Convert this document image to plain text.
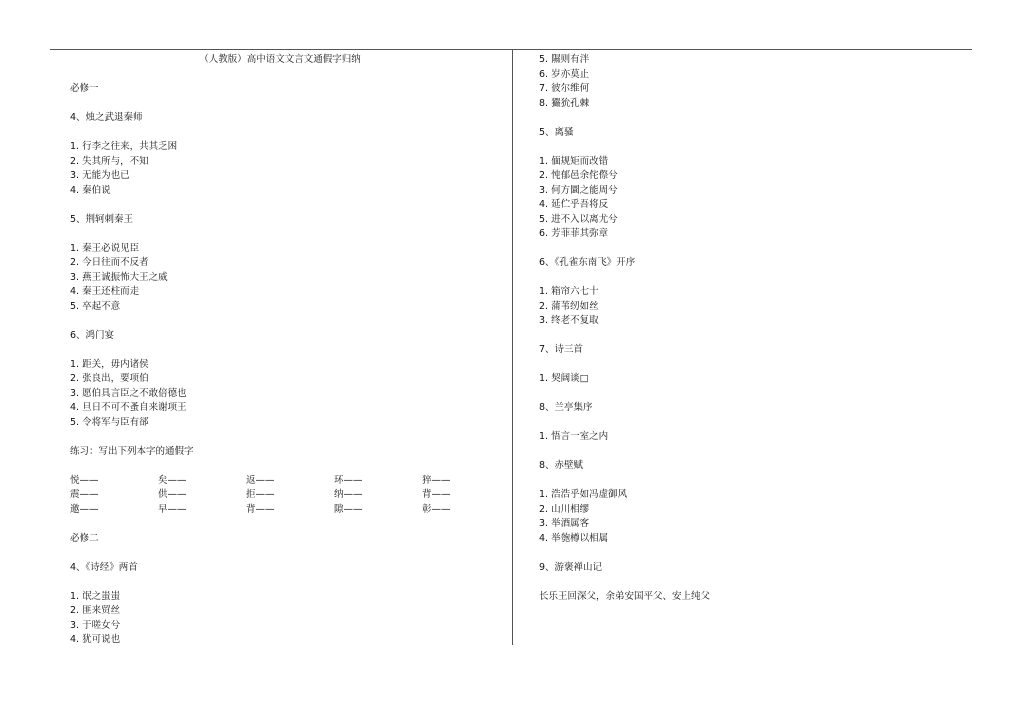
（人教版）高中语文文言文通假字归纳
必修一
4、烛之武退秦师
1. 行李之往来，共其乏困
2. 失其所与，不知
3. 无能为也已
4. 秦伯说
5、荆轲刺秦王
1. 秦王必说见臣
2. 今日往而不反者
3. 燕王诚振怖大王之威
4. 秦王还柱而走
5. 卒起不意
6、鸿门宴
1. 距关，毋内诸侯
2. 张良出，要项伯
3. 愿伯具言臣之不敢倍德也
4. 旦日不可不蚤自来谢项王
5. 令将军与臣有郤
练习：写出下列本字的通假字
悦——	矣——	返——	环——	猝——
震——	供——	拒——	纳——	背——
邀——	早——	背——	隙——	彰——
必修二
4、《诗经》两首
1. 氓之蚩蚩
2. 匪来贸丝
3. 于嗟女兮
4. 犹可说也
5. 隰则有泮
6. 岁亦莫止
7. 彼尔维何
8. 玁狁孔棘
5、离骚
1. 偭规矩而改错
2. 忳郁邑余侘傺兮
3. 何方圜之能周兮
4. 延伫乎吾将反
5. 进不入以离尤兮
6. 芳菲菲其弥章
6、《孔雀东南飞》开序
1. 箱帘六七十
2. 蒲苇纫如丝
3. 终老不复取
7、诗三首
1. 契阔谈□
8、兰亭集序
1. 悟言一室之内
8、赤壁赋
1. 浩浩乎如冯虚御风
2. 山川相缪
3. 举酒属客
4. 举匏樽以相属
9、游褒禅山记
长乐王回深父，余弟安国平父、安上纯父
